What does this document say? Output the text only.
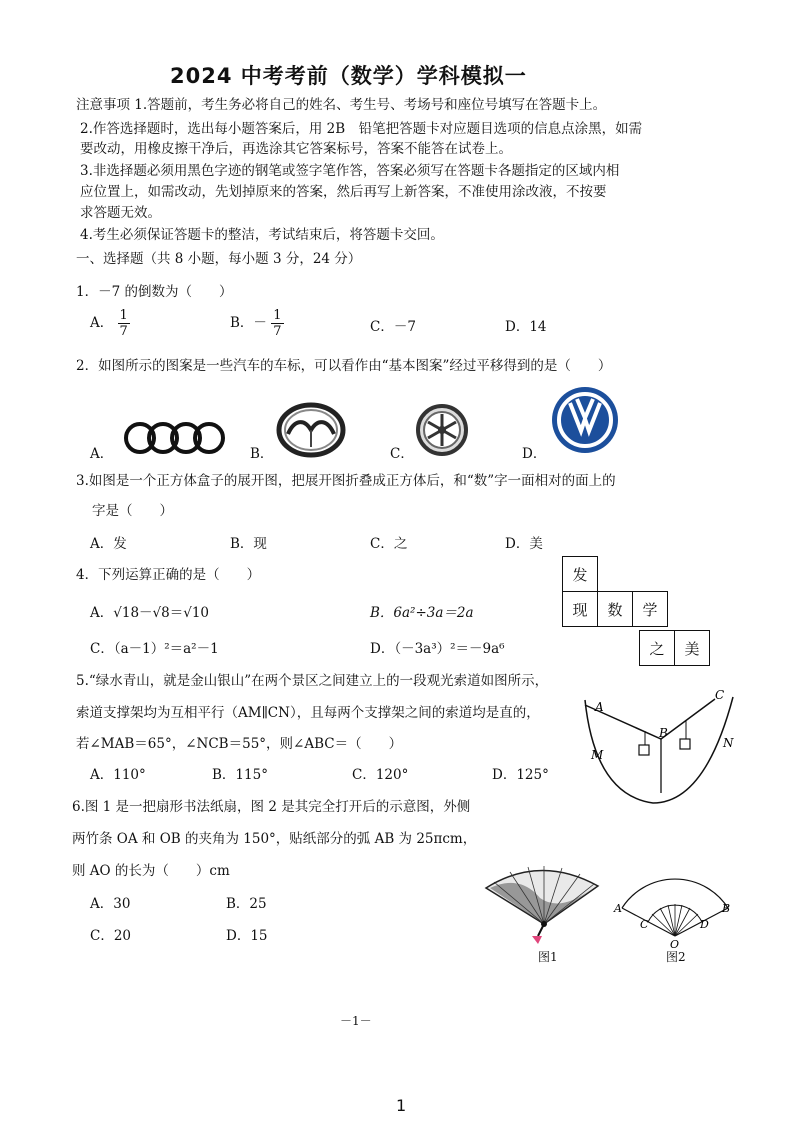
2024 中考考前（数学）学科模拟一
注意事项 1.答题前，考生务必将自己的姓名、考生号、考场号和座位号填写在答题卡上。
2.作答选择题时，选出每小题答案后，用 2B　铅笔把答题卡对应题目选项的信息点涂黑，如需
要改动，用橡皮擦干净后，再选涂其它答案标号，答案不能答在试卷上。
3.非选择题必须用黑色字迹的钢笔或签字笔作答，答案必须写在答题卡各题指定的区域内相
应位置上，如需改动，先划掉原来的答案，然后再写上新答案，不准使用涂改液，不按要
求答题无效。
4.考生必须保证答题卡的整洁，考试结束后，将答题卡交回。
一、选择题（共 8 小题，每小题 3 分，24 分）
1．－7 的倒数为（　　）
A． $\frac{1}{7}$	B．－ $\frac{1}{7}$	C．－7	D．14
2．如图所示的图案是一些汽车的车标，可以看作由“基本图案”经过平移得到的是（　　）
A．	B．	C．	D．
3.如图是一个正方体盒子的展开图，把展开图折叠成正方体后，和“数”字一面相对的面上的
字是（　　）
A．发	B．现	C．之	D．美
发
现	数	学
之	美
4．下列运算正确的是（　　）
A．√18－√8＝√10	B．6a²÷3a＝2a
C．（a－1）²＝a²－1	D．（－3a³）²＝－9a⁶
5.“绿水青山，就是金山银山”在两个景区之间建立上的一段观光索道如图所示，
索道支撑架均为互相平行（AM∥CN），且每两个支撑架之间的索道均是直的，
若∠MAB＝65°，∠NCB＝55°，则∠ABC＝（　　）
A．110°	B．115°	C．120°	D．125°
M
A
B
C
N
6.图 1 是一把扇形书法纸扇，图 2 是其完全打开后的示意图，外侧
两竹条 OA 和 OB 的夹角为 150°，贴纸部分的弧 AB 为 25πcm，
则 AO 的长为（　　）cm
A．30	B．25
C．20	D．15
图1
A	B
C	D
O
图2
－1－
1
